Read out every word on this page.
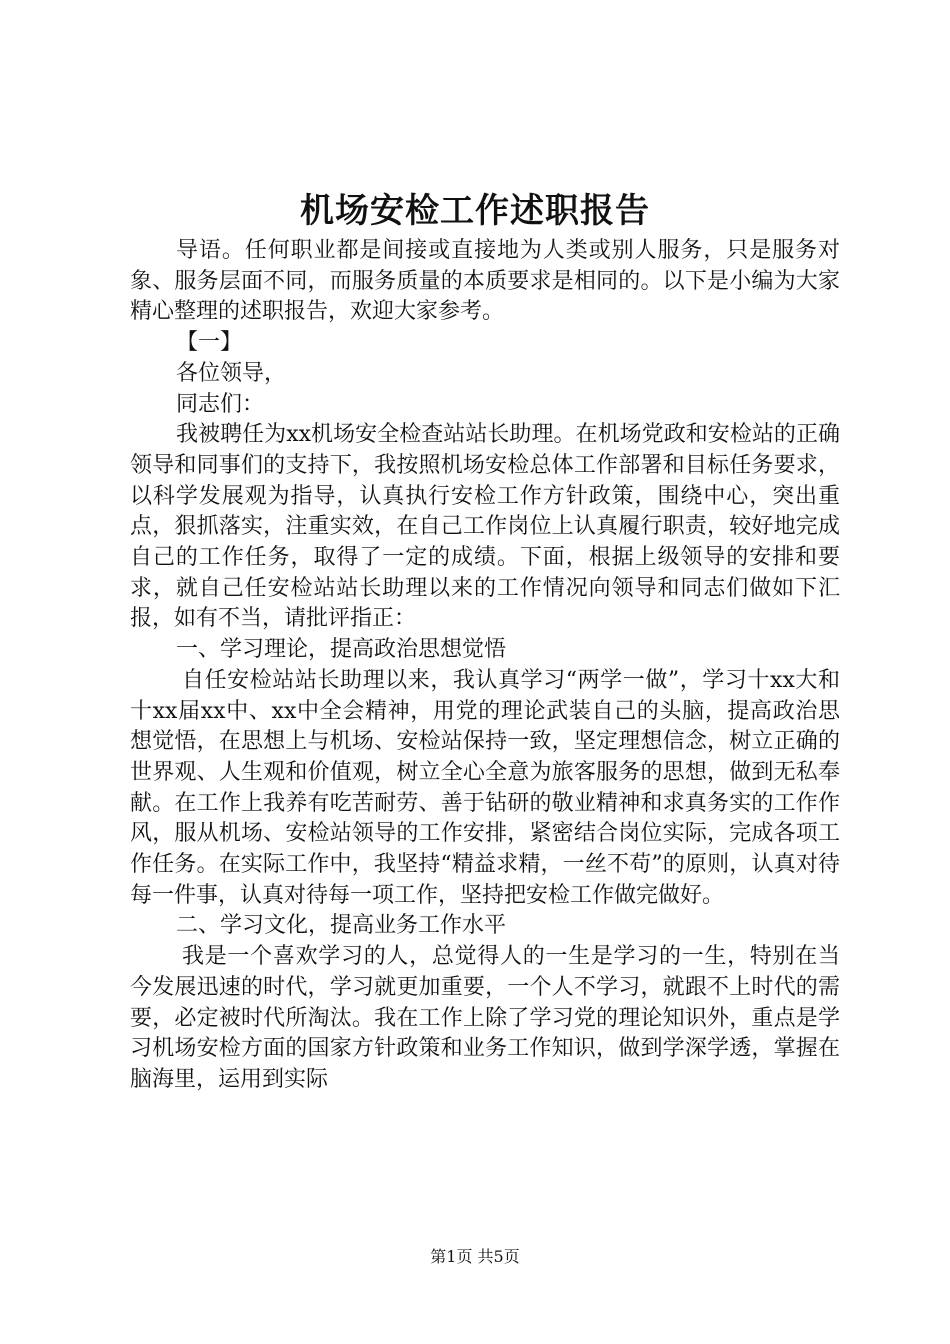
机场安检工作述职报告

导语。任何职业都是间接或直接地为人类或别人服务，只是服务对象、服务层面不同，而服务质量的本质要求是相同的。以下是小编为大家精心整理的述职报告，欢迎大家参考。

【一】

各位领导，

同志们：

我被聘任为xx机场安全检查站站长助理。在机场党政和安检站的正确领导和同事们的支持下，我按照机场安检总体工作部署和目标任务要求，以科学发展观为指导，认真执行安检工作方针政策，围绕中心，突出重点，狠抓落实，注重实效，在自己工作岗位上认真履行职责，较好地完成自己的工作任务，取得了一定的成绩。下面，根据上级领导的安排和要求，就自己任安检站站长助理以来的工作情况向领导和同志们做如下汇报，如有不当，请批评指正：

一、学习理论，提高政治思想觉悟

自任安检站站长助理以来，我认真学习“两学一做”，学习十xx大和十xx届xx中、xx中全会精神，用党的理论武装自己的头脑，提高政治思想觉悟，在思想上与机场、安检站保持一致，坚定理想信念，树立正确的世界观、人生观和价值观，树立全心全意为旅客服务的思想，做到无私奉献。在工作上我养有吃苦耐劳、善于钻研的敬业精神和求真务实的工作作风，服从机场、安检站领导的工作安排，紧密结合岗位实际，完成各项工作任务。在实际工作中，我坚持“精益求精，一丝不苟”的原则，认真对待每一件事，认真对待每一项工作，坚持把安检工作做完做好。

二、学习文化，提高业务工作水平

我是一个喜欢学习的人，总觉得人的一生是学习的一生，特别在当今发展迅速的时代，学习就更加重要，一个人不学习，就跟不上时代的需要，必定被时代所淘汰。我在工作上除了学习党的理论知识外，重点是学习机场安检方面的国家方针政策和业务工作知识，做到学深学透，掌握在脑海里，运用到实际

第1页 共5页
